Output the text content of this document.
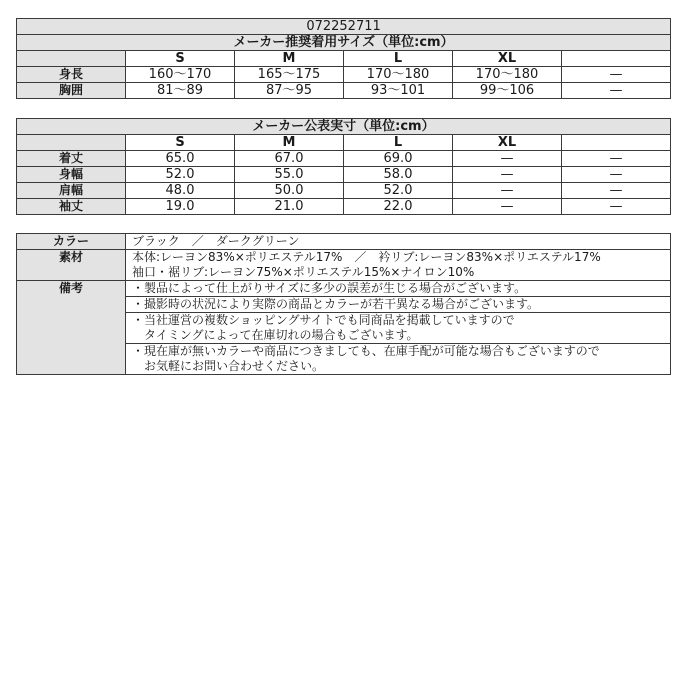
072252711					
メーカー推奨着用サイズ（単位:cm）					
	S	M	L	XL	
身長	160〜170	165〜175	170〜180	170〜180	—
胸囲	81〜89	87〜95	93〜101	99〜106	—
メーカー公表実寸（単位:cm）					
	S	M	L	XL	
着丈	65.0	67.0	69.0	—	—
身幅	52.0	55.0	58.0	—	—
肩幅	48.0	50.0	52.0	—	—
袖丈	19.0	21.0	22.0	—	—
カラー	ブラック　／　ダークグリーン
素材	本体:レーヨン83%×ポリエステル17%　／　衿リブ:レーヨン83%×ポリエステル17%
袖口・裾リブ:レーヨン75%×ポリエステル15%×ナイロン10%

備考	・製品によって仕上がりサイズに多少の誤差が生じる場合がございます。

	・撮影時の状況により実際の商品とカラーが若干異なる場合がございます。

	・当社運営の複数ショッピングサイトでも同商品を掲載していますので
　タイミングによって在庫切れの場合もございます。

	・現在庫が無いカラーや商品につきましても、在庫手配が可能な場合もございますので
　お気軽にお問い合わせください。
